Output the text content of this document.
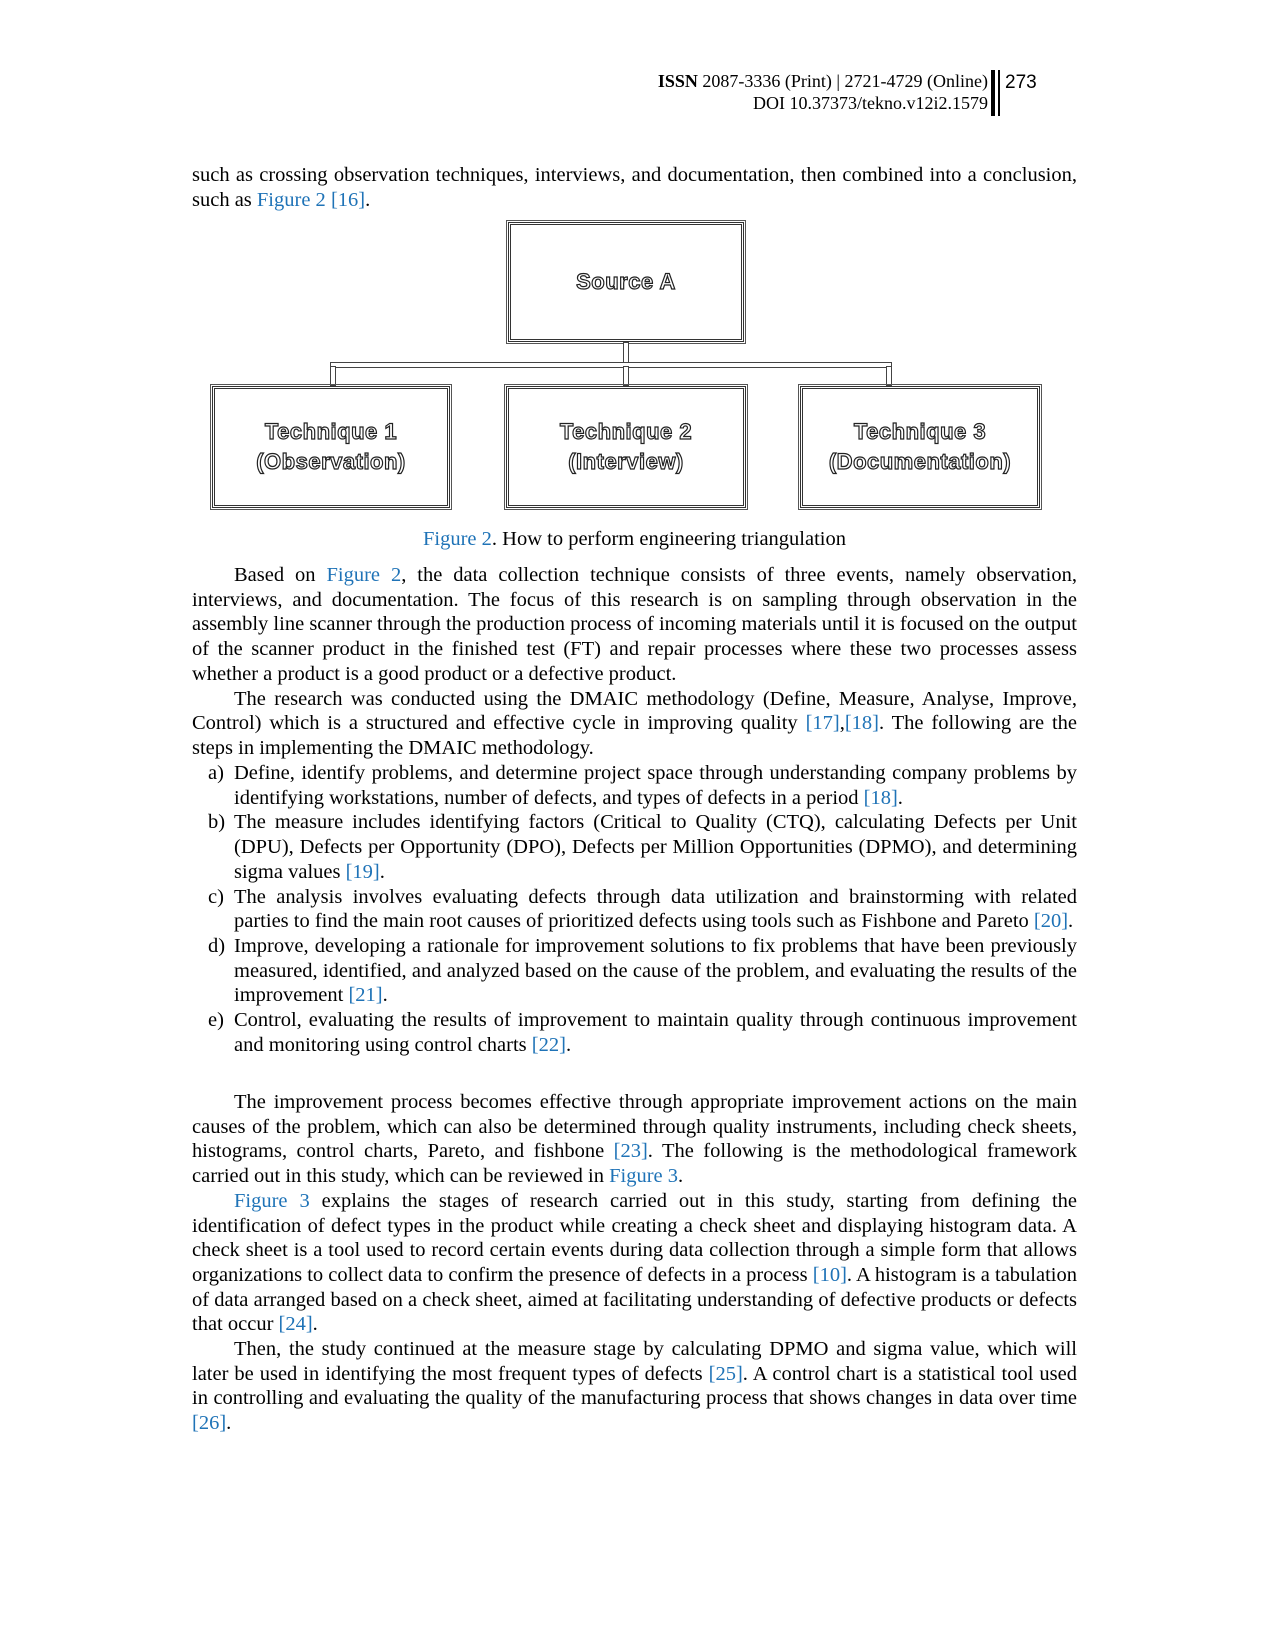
ISSN 2087-3336 (Print) | 2721-4729 (Online)
DOI 10.37373/tekno.v12i2.1579
273

such as crossing observation techniques, interviews, and documentation, then combined into a conclusion, such as Figure 2 [16].

Source A
Technique 1
(Observation)
Technique 2
(Interview)
Technique 3
(Documentation)
Figure 2. How to perform engineering triangulation

Based on Figure 2, the data collection technique consists of three events, namely observation, interviews, and documentation. The focus of this research is on sampling through observation in the assembly line scanner through the production process of incoming materials until it is focused on the output of the scanner product in the finished test (FT) and repair processes where these two processes assess whether a product is a good product or a defective product.

The research was conducted using the DMAIC methodology (Define, Measure, Analyse, Improve, Control) which is a structured and effective cycle in improving quality [17],[18]. The following are the steps in implementing the DMAIC methodology.

a) Define, identify problems, and determine project space through understanding company problems by identifying workstations, number of defects, and types of defects in a period [18].
b) The measure includes identifying factors (Critical to Quality (CTQ), calculating Defects per Unit (DPU), Defects per Opportunity (DPO), Defects per Million Opportunities (DPMO), and determining sigma values [19].
c) The analysis involves evaluating defects through data utilization and brainstorming with related parties to find the main root causes of prioritized defects using tools such as Fishbone and Pareto [20].
d) Improve, developing a rationale for improvement solutions to fix problems that have been previously measured, identified, and analyzed based on the cause of the problem, and evaluating the results of the improvement [21].
e) Control, evaluating the results of improvement to maintain quality through continuous improvement and monitoring using control charts [22].

The improvement process becomes effective through appropriate improvement actions on the main causes of the problem, which can also be determined through quality instruments, including check sheets, histograms, control charts, Pareto, and fishbone [23]. The following is the methodological framework carried out in this study, which can be reviewed in Figure 3.

Figure 3 explains the stages of research carried out in this study, starting from defining the identification of defect types in the product while creating a check sheet and displaying histogram data. A check sheet is a tool used to record certain events during data collection through a simple form that allows organizations to collect data to confirm the presence of defects in a process [10]. A histogram is a tabulation of data arranged based on a check sheet, aimed at facilitating understanding of defective products or defects that occur [24].

Then, the study continued at the measure stage by calculating DPMO and sigma value, which will later be used in identifying the most frequent types of defects [25]. A control chart is a statistical tool used in controlling and evaluating the quality of the manufacturing process that shows changes in data over time [26].
